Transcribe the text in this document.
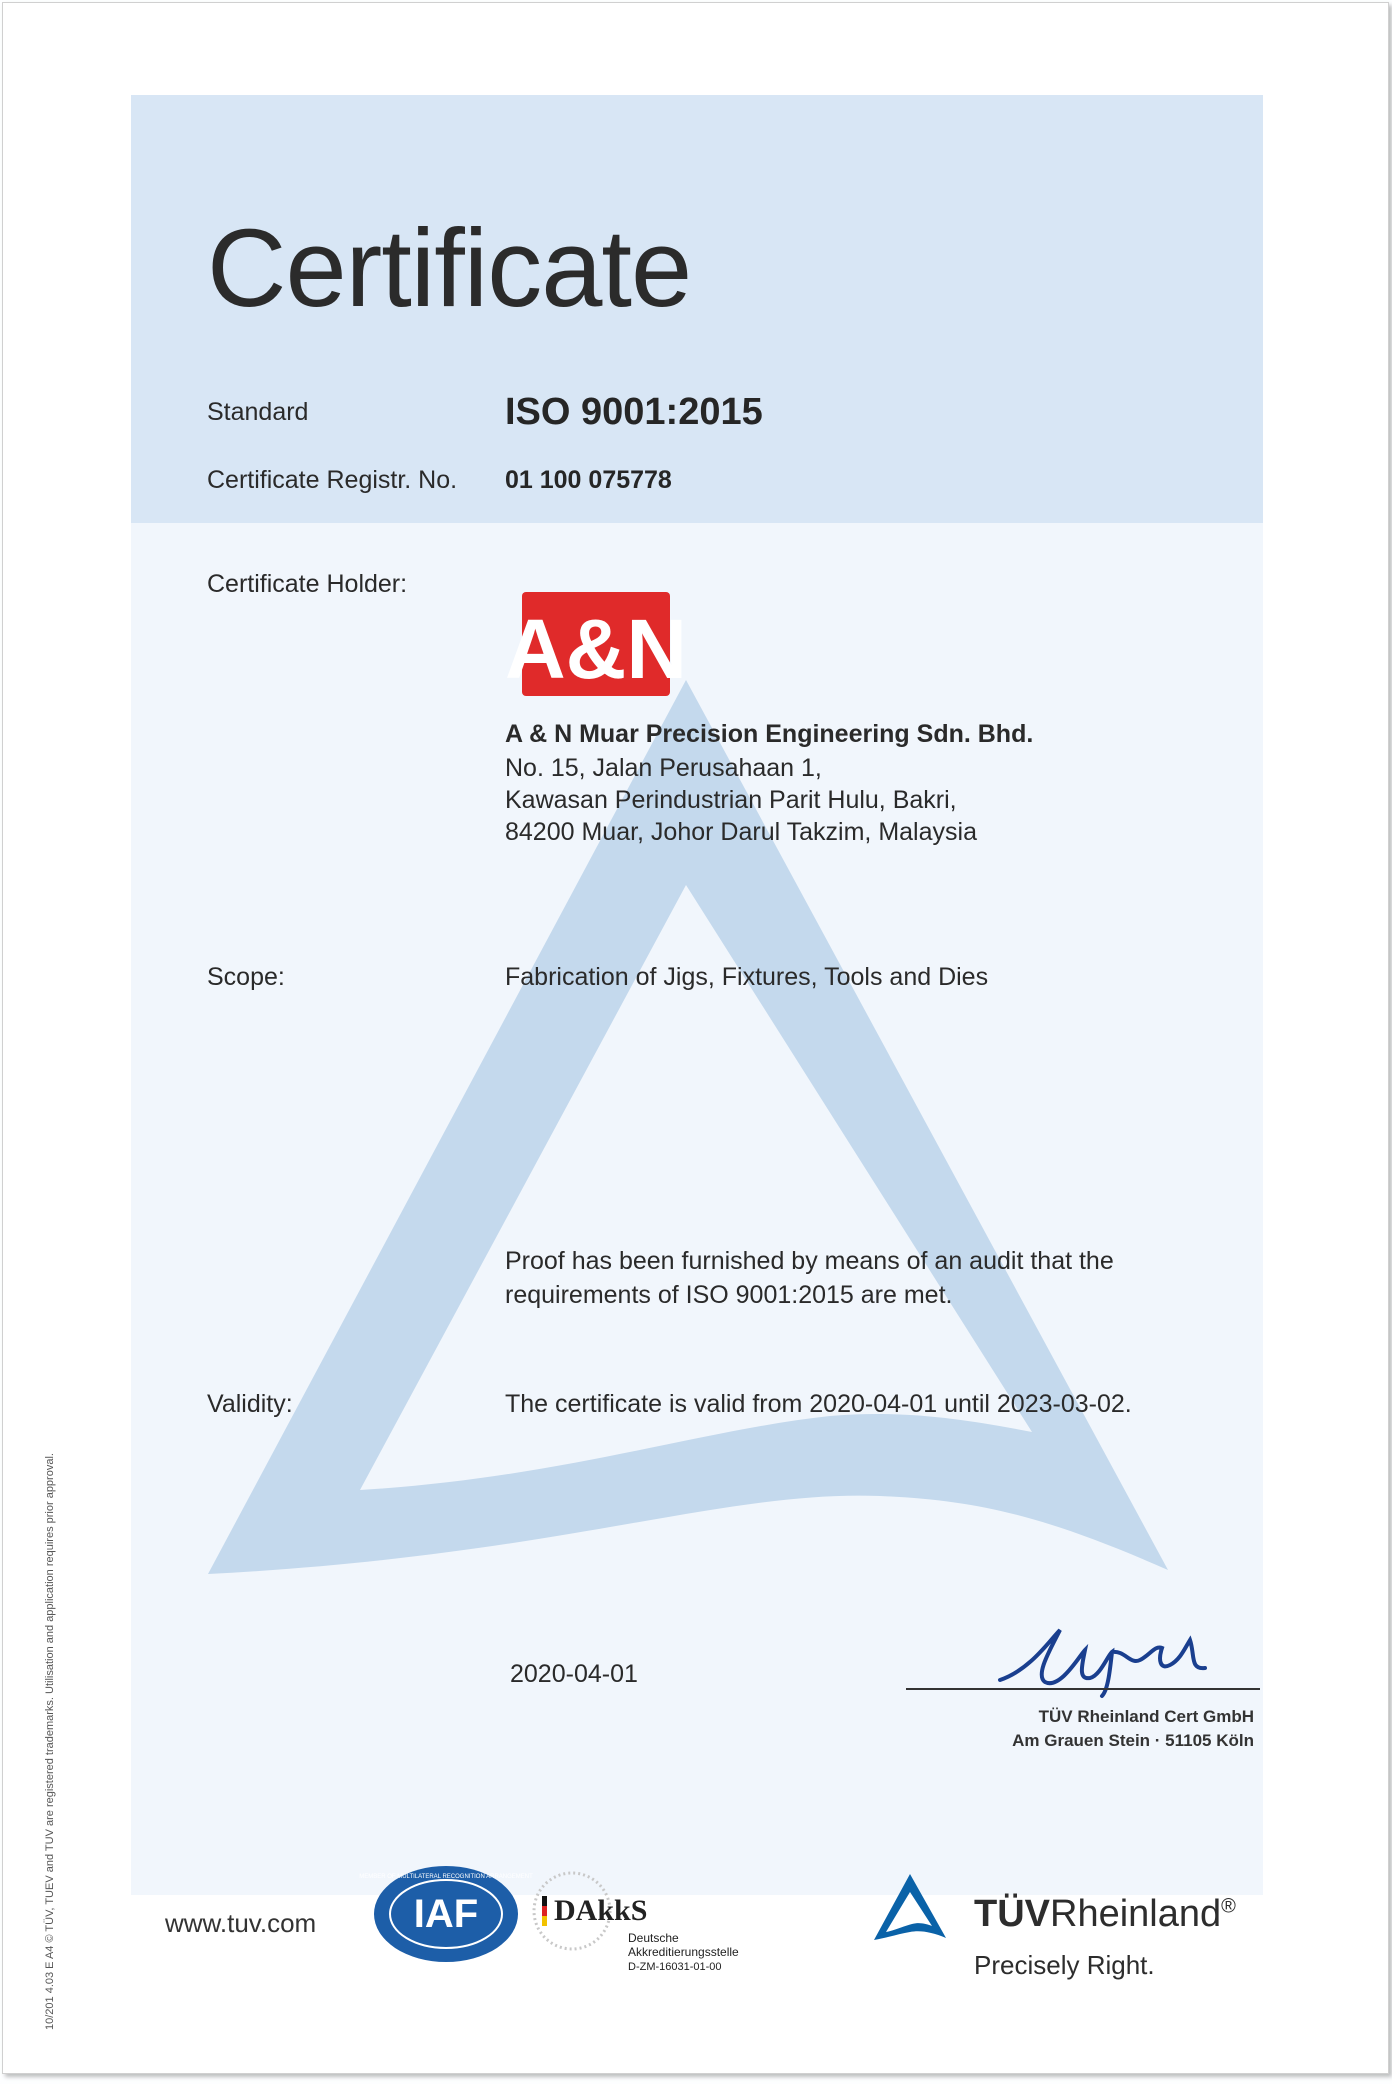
Certificate
Standard	ISO 9001:2015
Certificate Registr. No. 01 100 075778
Certificate Holder:
A&N
A & N Muar Precision Engineering Sdn. Bhd.
No. 15, Jalan Perusahaan 1,
Kawasan Perindustrian Parit Hulu, Bakri,
84200 Muar, Johor Darul Takzim, Malaysia
Scope:	Fabrication of Jigs, Fixtures, Tools and Dies
Proof has been furnished by means of an audit that the
requirements of ISO 9001:2015 are met.
Validity:	The certificate is valid from 2020-04-01 until 2023-03-02.
2020-04-01
TÜV Rheinland Cert GmbH
Am Grauen Stein · 51105 Köln
10/201 4.03 E A4 © TÜV, TUEV and TUV are registered trademarks. Utilisation and application requires prior approval.	www.tuv.com IAF
MEMBER OF MULTILATERAL RECOGNITION ARRANGEMENT
DAkkS
Deutsche
Akkreditierungsstelle
D-ZM-16031-01-00
TÜVRheinland®
Precisely Right.
